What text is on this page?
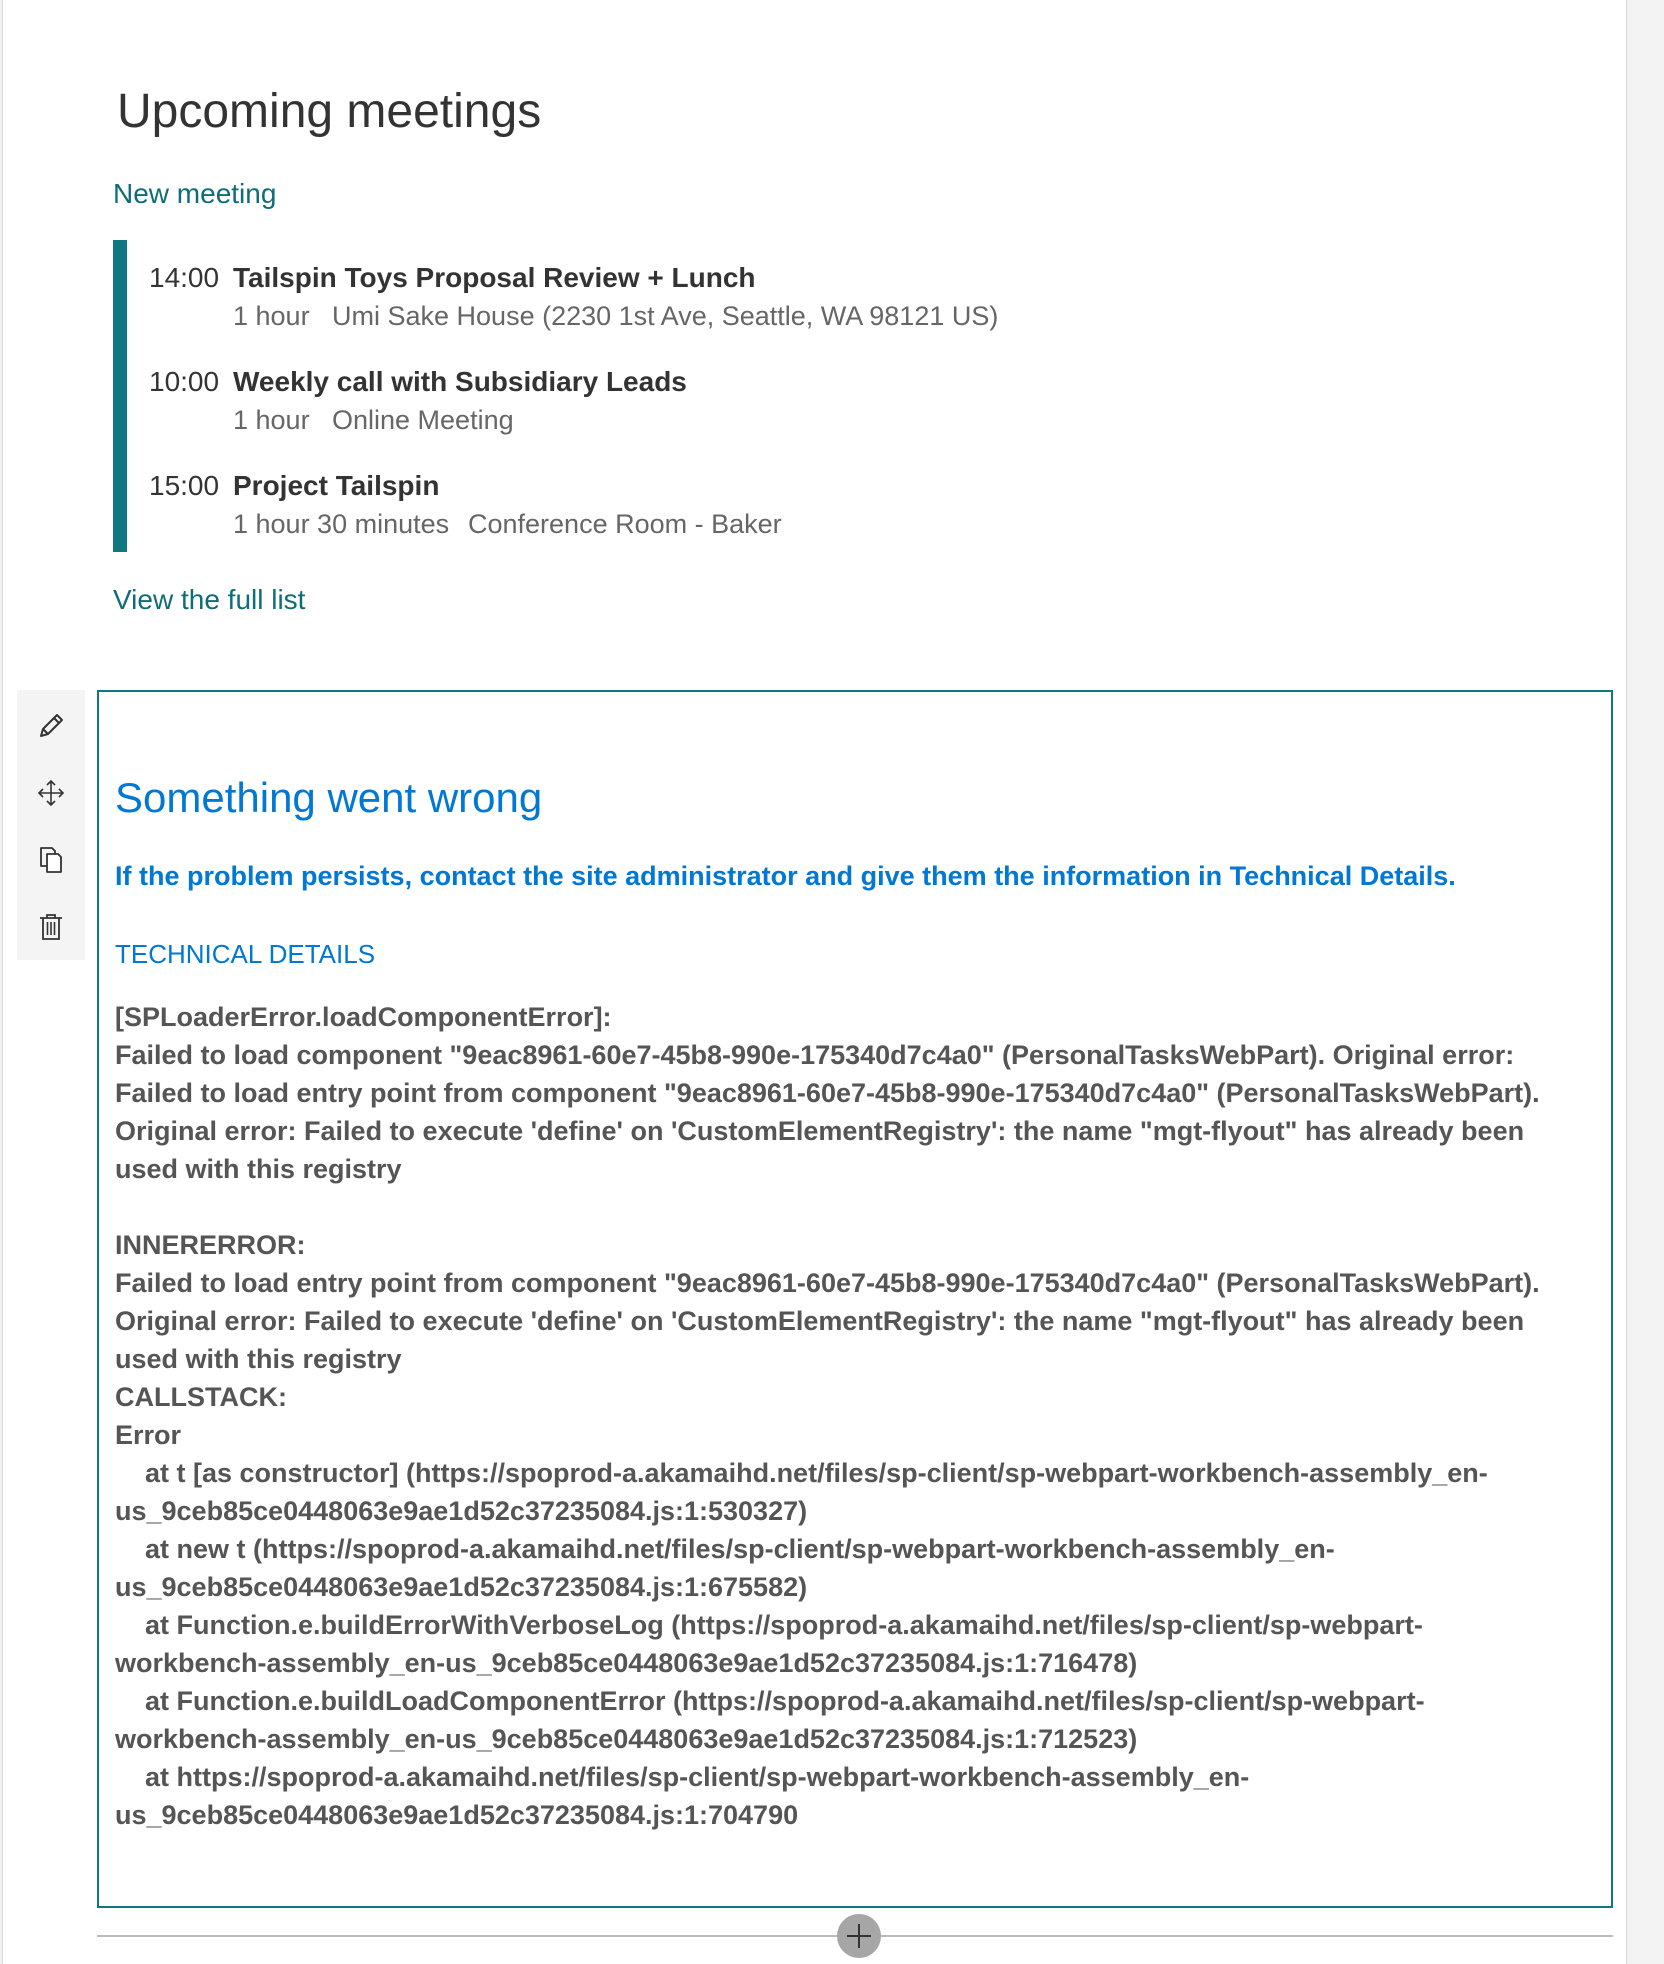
Upcoming meetings
New meeting
14:00 Tailspin Toys Proposal Review + Lunch
1 hour Umi Sake House (2230 1st Ave, Seattle, WA 98121 US)
10:00 Weekly call with Subsidiary Leads
1 hour Online Meeting
15:00 Project Tailspin
1 hour 30 minutes Conference Room - Baker
View the full list
Something went wrong
If the problem persists, contact the site administrator and give them the information in Technical Details.
TECHNICAL DETAILS
[SPLoaderError.loadComponentError]:
Failed to load component "9eac8961-60e7-45b8-990e-175340d7c4a0" (PersonalTasksWebPart). Original error:
Failed to load entry point from component "9eac8961-60e7-45b8-990e-175340d7c4a0" (PersonalTasksWebPart).
Original error: Failed to execute 'define' on 'CustomElementRegistry': the name "mgt-flyout" has already been
used with this registry
INNERERROR:
Failed to load entry point from component "9eac8961-60e7-45b8-990e-175340d7c4a0" (PersonalTasksWebPart).
Original error: Failed to execute 'define' on 'CustomElementRegistry': the name "mgt-flyout" has already been
used with this registry
CALLSTACK:
Error
at t [as constructor] (https://spoprod-a.akamaihd.net/files/sp-client/sp-webpart-workbench-assembly_en-
us_9ceb85ce0448063e9ae1d52c37235084.js:1:530327)
at new t (https://spoprod-a.akamaihd.net/files/sp-client/sp-webpart-workbench-assembly_en-
us_9ceb85ce0448063e9ae1d52c37235084.js:1:675582)
at Function.e.buildErrorWithVerboseLog (https://spoprod-a.akamaihd.net/files/sp-client/sp-webpart-
workbench-assembly_en-us_9ceb85ce0448063e9ae1d52c37235084.js:1:716478)
at Function.e.buildLoadComponentError (https://spoprod-a.akamaihd.net/files/sp-client/sp-webpart-
workbench-assembly_en-us_9ceb85ce0448063e9ae1d52c37235084.js:1:712523)
at https://spoprod-a.akamaihd.net/files/sp-client/sp-webpart-workbench-assembly_en-
us_9ceb85ce0448063e9ae1d52c37235084.js:1:704790
